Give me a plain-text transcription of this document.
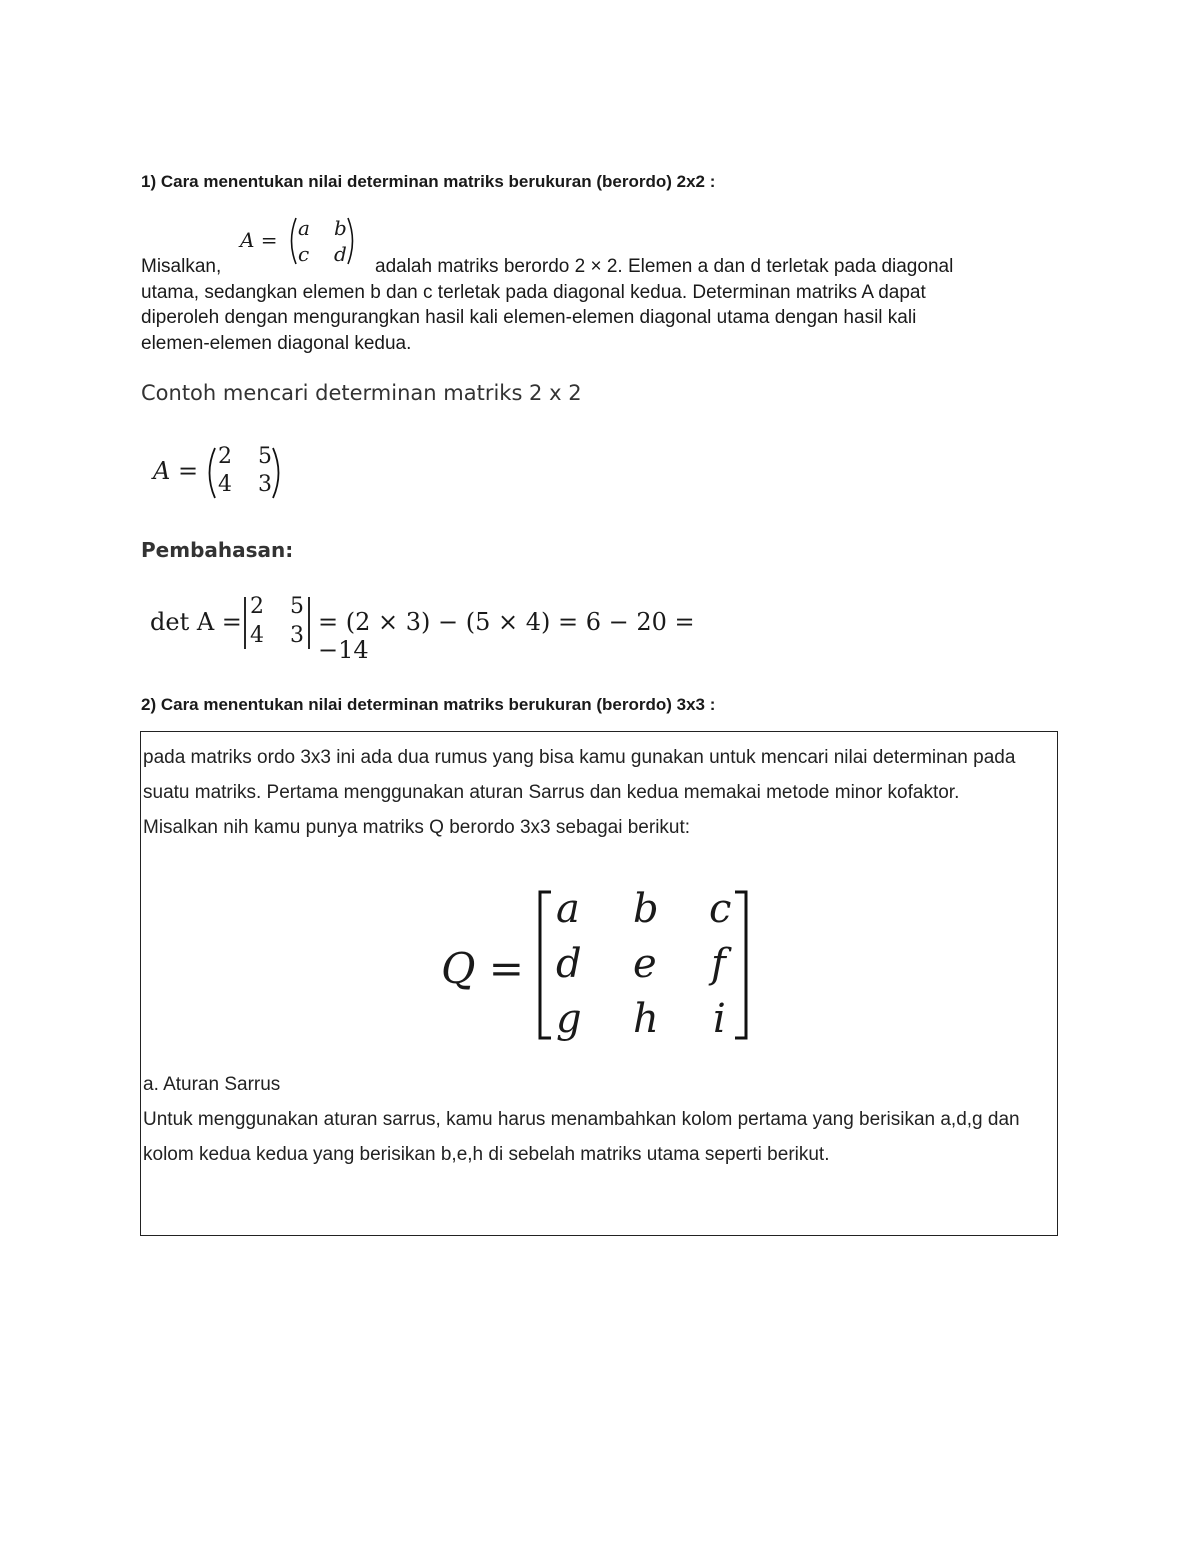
1) Cara menentukan nilai determinan matriks berukuran (berordo) 2x2 :
A = a b
c d
Misalkan,	adalah matriks berordo 2 × 2. Elemen a dan d terletak pada diagonal
utama, sedangkan elemen b dan c terletak pada diagonal kedua. Determinan matriks A dapat
diperoleh dengan mengurangkan hasil kali elemen-elemen diagonal utama dengan hasil kali
elemen-elemen diagonal kedua.
Contoh mencari determinan matriks 2 x 2
A =
2 5
4 3
Pembahasan:
det A =
2 5
4 3 = (2 × 3) − (5 × 4) = 6 − 20 = −14
2) Cara menentukan nilai determinan matriks berukuran (berordo) 3x3 :
pada matriks ordo 3x3 ini ada dua rumus yang bisa kamu gunakan untuk mencari nilai determinan pada
suatu matriks. Pertama menggunakan aturan Sarrus dan kedua memakai metode minor kofaktor.
Misalkan nih kamu punya matriks Q berordo 3x3 sebagai berikut:
Q =
a b c
d e f
g h i
a. Aturan Sarrus
Untuk menggunakan aturan sarrus, kamu harus menambahkan kolom pertama yang berisikan a,d,g dan
kolom kedua kedua yang berisikan b,e,h di sebelah matriks utama seperti berikut.
